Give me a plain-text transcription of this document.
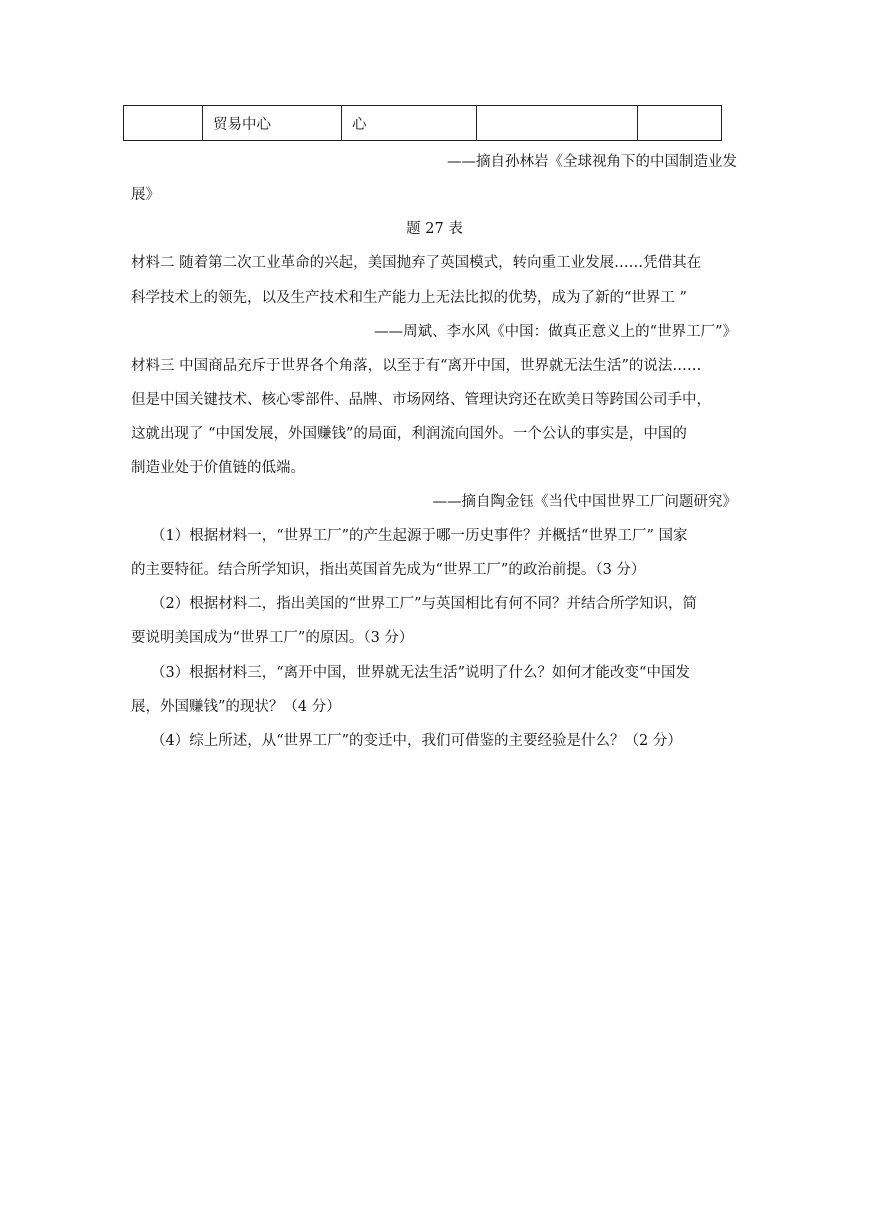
	贸易中心	心		
——摘自孙林岩《全球视角下的中国制造业发
展》
题 27 表
材料二 随着第二次工业革命的兴起，美国抛弃了英国模式，转向重工业发展……凭借其在
科学技术上的领先，以及生产技术和生产能力上无法比拟的优势，成为了新的“世界工 ”
——周斌、李水风《中国：做真正意义上的“世界工厂”》
材料三 中国商品充斥于世界各个角落，以至于有“离开中国，世界就无法生活”的说法……
但是中国关键技术、核心零部件、品牌、市场网络、管理诀窍还在欧美日等跨国公司手中，
这就出现了 “中国发展，外国赚钱”的局面，利润流向国外。一个公认的事实是，中国的
制造业处于价值链的低端。
——摘自陶金钰《当代中国世界工厂问题研究》
（1）根据材料一，“世界工厂”的产生起源于哪一历史事件？并概括“世界工厂” 国家
的主要特征。结合所学知识，指出英国首先成为“世界工厂”的政治前提。（3 分）
（2）根据材料二，指出美国的“世界工厂”与英国相比有何不同？并结合所学知识，简
要说明美国成为“世界工厂”的原因。（3 分）
（3）根据材料三，“离开中国，世界就无法生活”说明了什么？如何才能改变“中国发
展，外国赚钱”的现状？（4 分）
（4）综上所述，从“世界工厂”的变迁中，我们可借鉴的主要经验是什么？（2 分）
